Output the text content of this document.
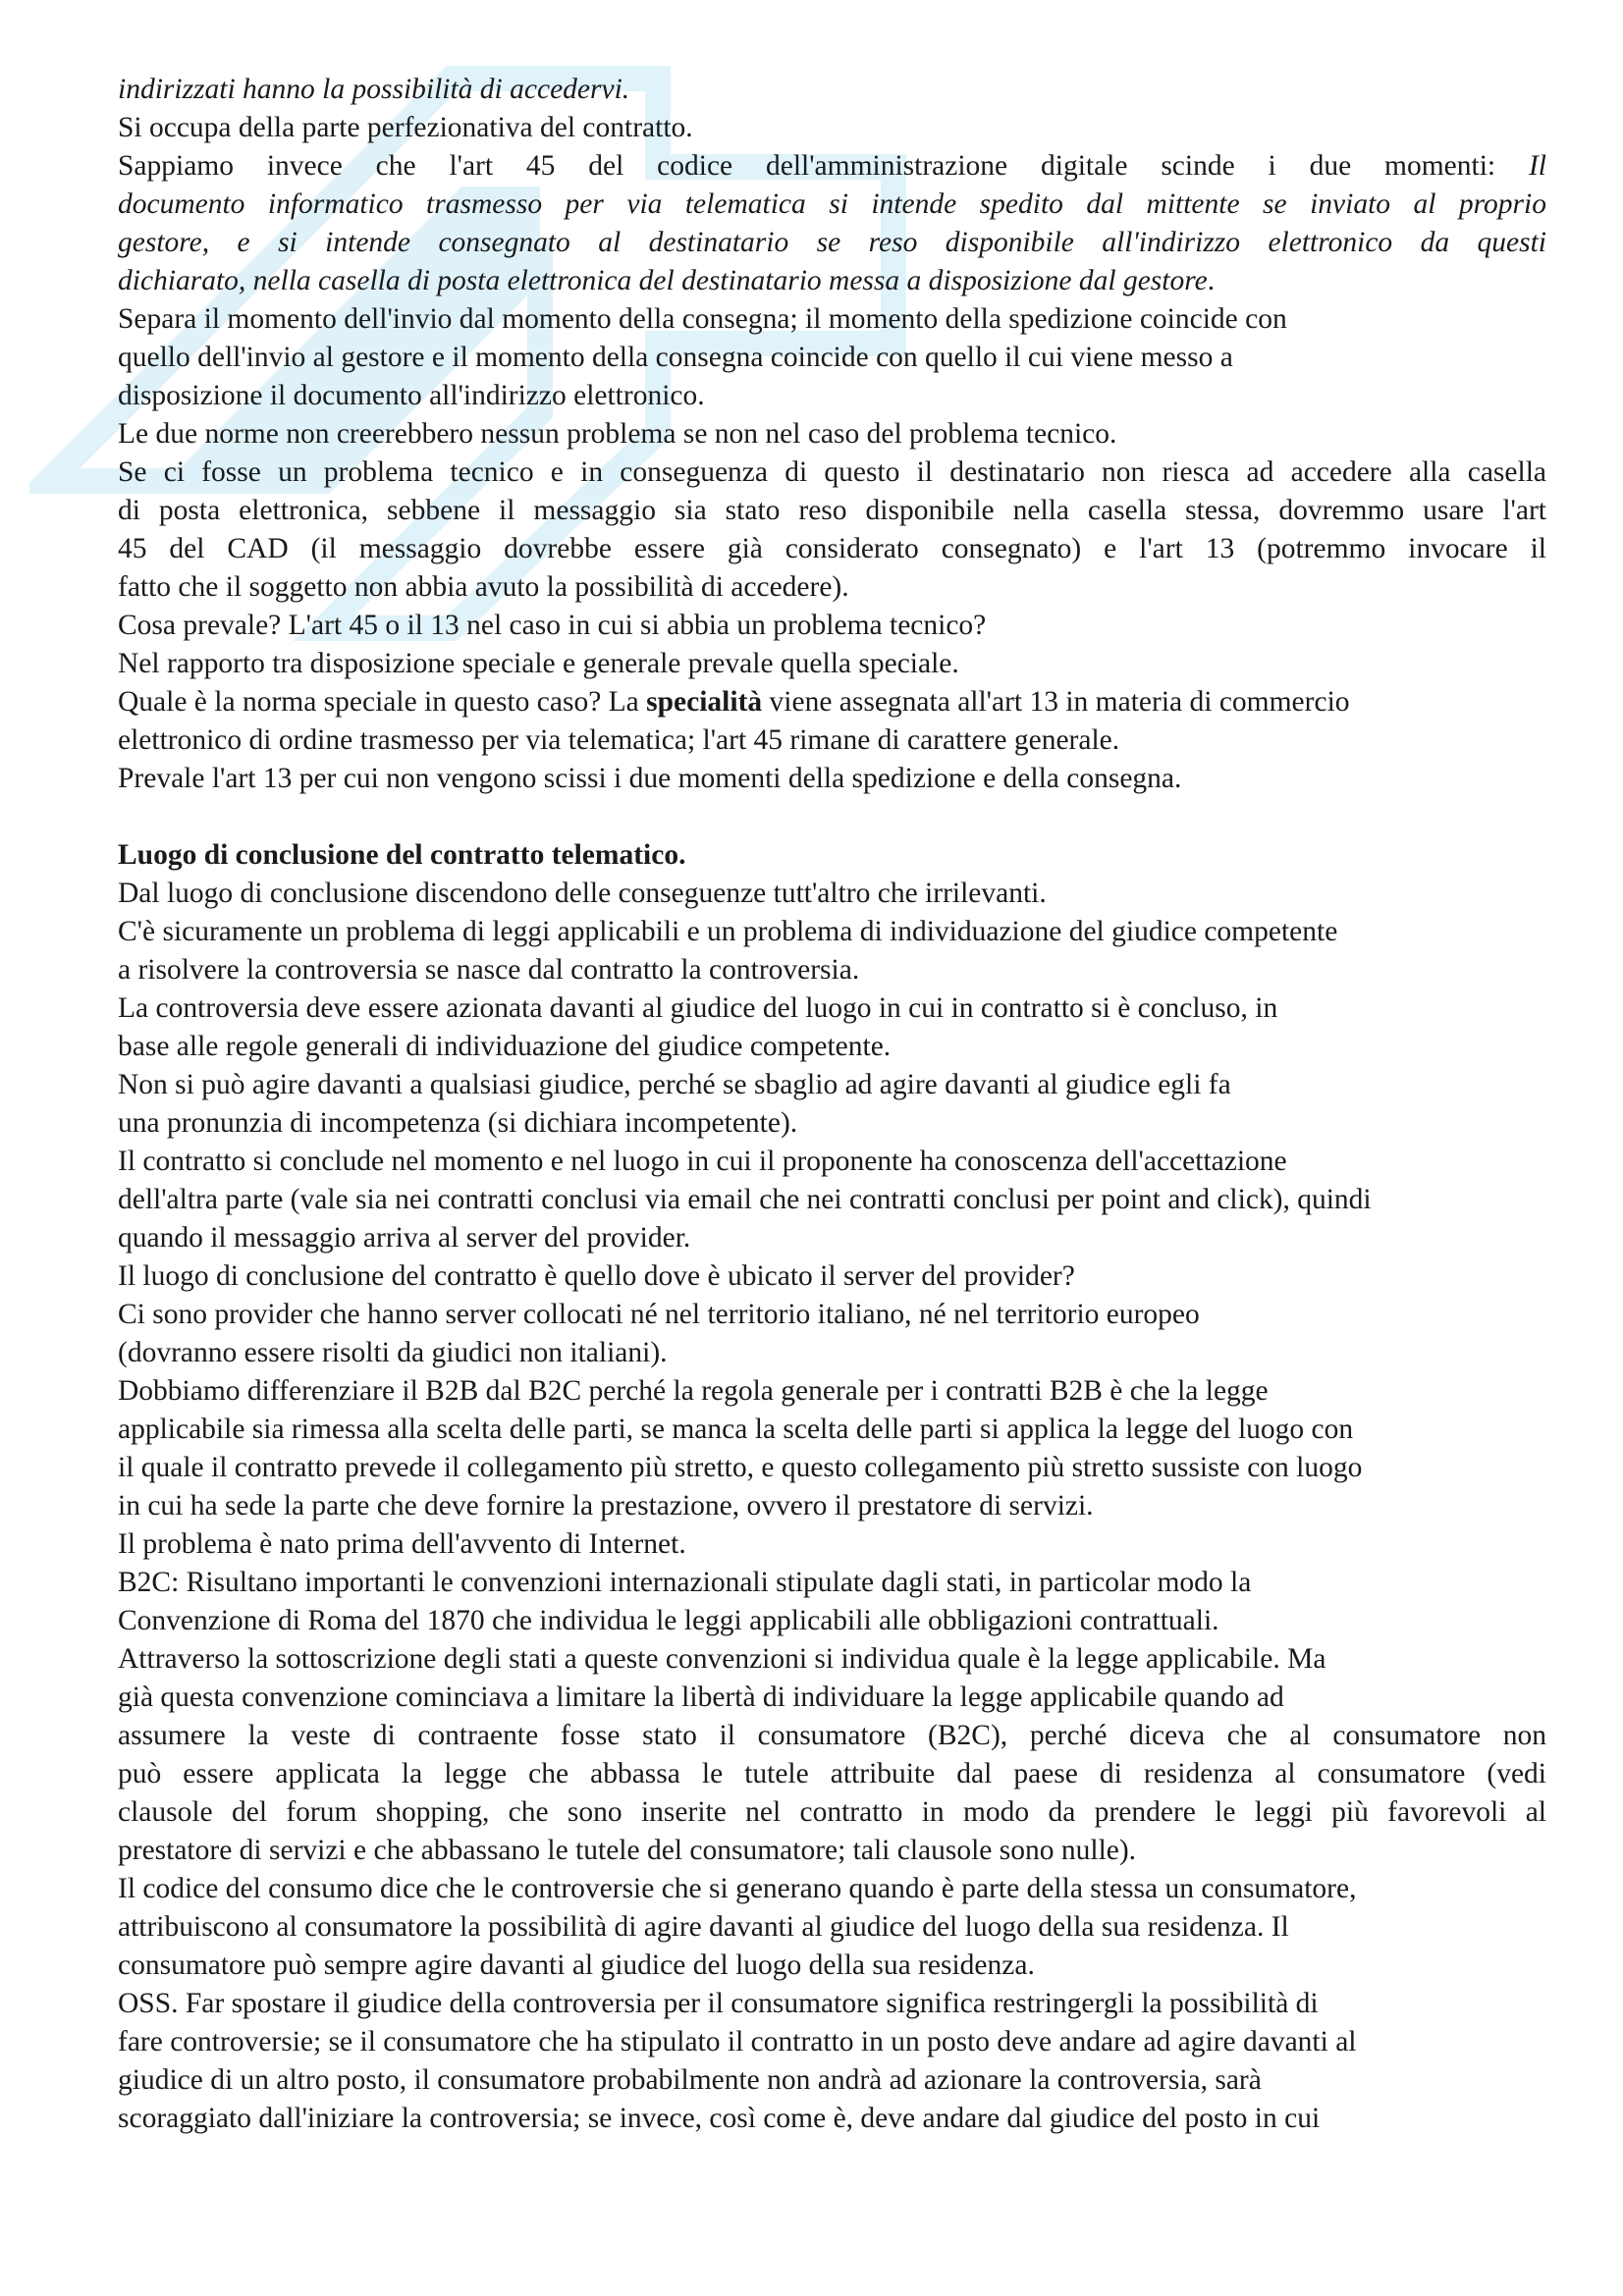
indirizzati hanno la possibilità di accedervi.

Si occupa della parte perfezionativa del contratto.

Sappiamo invece che l'art 45 del codice dell'amministrazione digitale scinde i due momenti: Il

documento informatico trasmesso per via telematica si intende spedito dal mittente se inviato al proprio

gestore, e si intende consegnato al destinatario se reso disponibile all'indirizzo elettronico da questi

dichiarato, nella casella di posta elettronica del destinatario messa a disposizione dal gestore.

Separa il momento dell'invio dal momento della consegna; il momento della spedizione coincide con

quello dell'invio al gestore e il momento della consegna coincide con quello il cui viene messo a

disposizione il documento all'indirizzo elettronico.

Le due norme non creerebbero nessun problema se non nel caso del problema tecnico.

Se ci fosse un problema tecnico e in conseguenza di questo il destinatario non riesca ad accedere alla casella

di posta elettronica, sebbene il messaggio sia stato reso disponibile nella casella stessa, dovremmo usare l'art

45 del CAD (il messaggio dovrebbe essere già considerato consegnato) e l'art 13 (potremmo invocare il

fatto che il soggetto non abbia avuto la possibilità di accedere).

Cosa prevale? L'art 45 o il 13 nel caso in cui si abbia un problema tecnico?

Nel rapporto tra disposizione speciale e generale prevale quella speciale.

Quale è la norma speciale in questo caso? La specialità viene assegnata all'art 13 in materia di commercio

elettronico di ordine trasmesso per via telematica; l'art 45 rimane di carattere generale.

Prevale l'art 13 per cui non vengono scissi i due momenti della spedizione e della consegna.

Luogo di conclusione del contratto telematico.

Dal luogo di conclusione discendono delle conseguenze tutt'altro che irrilevanti.

C'è sicuramente un problema di leggi applicabili e un problema di individuazione del giudice competente

a risolvere la controversia se nasce dal contratto la controversia.

La controversia deve essere azionata davanti al giudice del luogo in cui in contratto si è concluso, in

base alle regole generali di individuazione del giudice competente.

Non si può agire davanti a qualsiasi giudice, perché se sbaglio ad agire davanti al giudice egli fa

una pronunzia di incompetenza (si dichiara incompetente).

Il contratto si conclude nel momento e nel luogo in cui il proponente ha conoscenza dell'accettazione

dell'altra parte (vale sia nei contratti conclusi via email che nei contratti conclusi per point and click), quindi

quando il messaggio arriva al server del provider.

Il luogo di conclusione del contratto è quello dove è ubicato il server del provider?

Ci sono provider che hanno server collocati né nel territorio italiano, né nel territorio europeo

(dovranno essere risolti da giudici non italiani).

Dobbiamo differenziare il B2B dal B2C perché la regola generale per i contratti B2B è che la legge

applicabile sia rimessa alla scelta delle parti, se manca la scelta delle parti si applica la legge del luogo con

il quale il contratto prevede il collegamento più stretto, e questo collegamento più stretto sussiste con luogo

in cui ha sede la parte che deve fornire la prestazione, ovvero il prestatore di servizi.

Il problema è nato prima dell'avvento di Internet.

B2C: Risultano importanti le convenzioni internazionali stipulate dagli stati, in particolar modo la

Convenzione di Roma del 1870 che individua le leggi applicabili alle obbligazioni contrattuali.

Attraverso la sottoscrizione degli stati a queste convenzioni si individua quale è la legge applicabile. Ma

già questa convenzione cominciava a limitare la libertà di individuare la legge applicabile quando ad

assumere la veste di contraente fosse stato il consumatore (B2C), perché diceva che al consumatore non

può essere applicata la legge che abbassa le tutele attribuite dal paese di residenza al consumatore (vedi

clausole del forum shopping, che sono inserite nel contratto in modo da prendere le leggi più favorevoli al

prestatore di servizi e che abbassano le tutele del consumatore; tali clausole sono nulle).

Il codice del consumo dice che le controversie che si generano quando è parte della stessa un consumatore,

attribuiscono al consumatore la possibilità di agire davanti al giudice del luogo della sua residenza. Il

consumatore può sempre agire davanti al giudice del luogo della sua residenza.

OSS. Far spostare il giudice della controversia per il consumatore significa restringergli la possibilità di

fare controversie; se il consumatore che ha stipulato il contratto in un posto deve andare ad agire davanti al

giudice di un altro posto, il consumatore probabilmente non andrà ad azionare la controversia, sarà

scoraggiato dall'iniziare la controversia; se invece, così come è, deve andare dal giudice del posto in cui
